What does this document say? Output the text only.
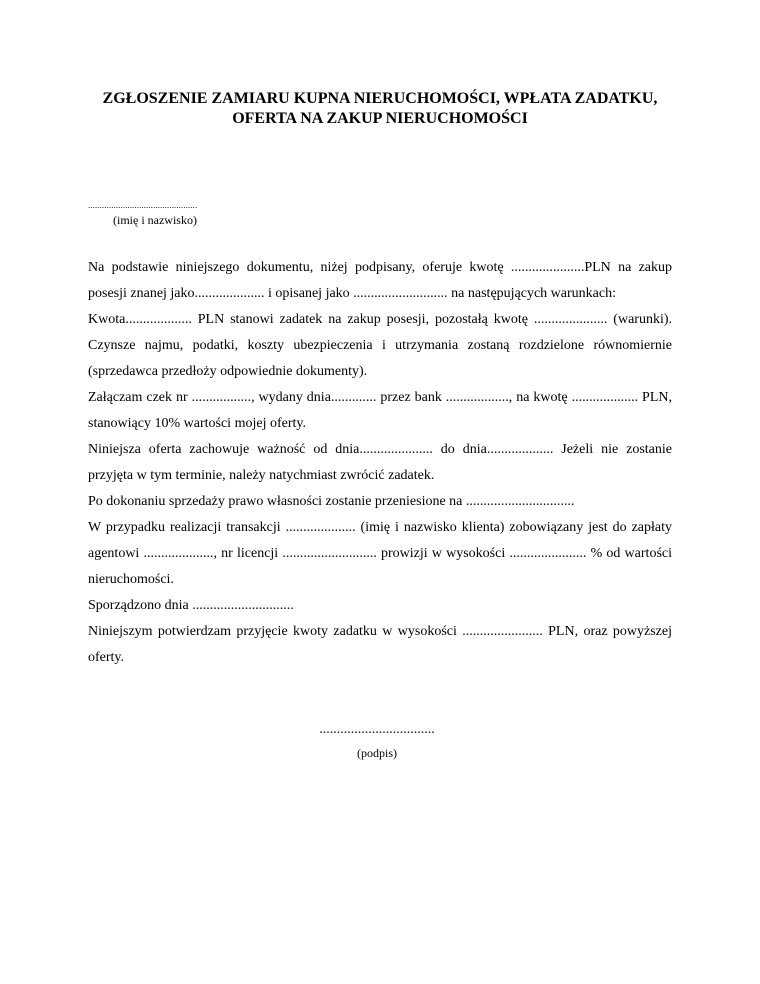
ZGŁOSZENIE ZAMIARU KUPNA NIERUCHOMOŚCI, WPŁATA ZADATKU, OFERTA NA ZAKUP NIERUCHOMOŚCI
...............................................
(imię i nazwisko)

Na podstawie niniejszego dokumentu, niżej podpisany, oferuje kwotę .....................PLN na zakup posesji znanej jako.................... i opisanej jako ........................... na następujących warunkach:

Kwota................... PLN stanowi zadatek na zakup posesji, pozostałą kwotę ..................... (warunki). Czynsze najmu, podatki, koszty ubezpieczenia i utrzymania zostaną rozdzielone równomiernie (sprzedawca przedłoży odpowiednie dokumenty).

Załączam czek nr ................., wydany dnia............. przez bank .................., na kwotę ................... PLN, stanowiący 10% wartości mojej oferty.

Niniejsza oferta zachowuje ważność od dnia..................... do dnia................... Jeżeli nie zostanie przyjęta w tym terminie, należy natychmiast zwrócić zadatek.

Po dokonaniu sprzedaży prawo własności zostanie przeniesione na ...............................

W przypadku realizacji transakcji .................... (imię i nazwisko klienta) zobowiązany jest do zapłaty agentowi ...................., nr licencji ........................... prowizji w wysokości ...................... % od wartości nieruchomości.

Sporządzono dnia .............................

Niniejszym potwierdzam przyjęcie kwoty zadatku w wysokości ....................... PLN, oraz powyższej oferty.

.................................
(podpis)
